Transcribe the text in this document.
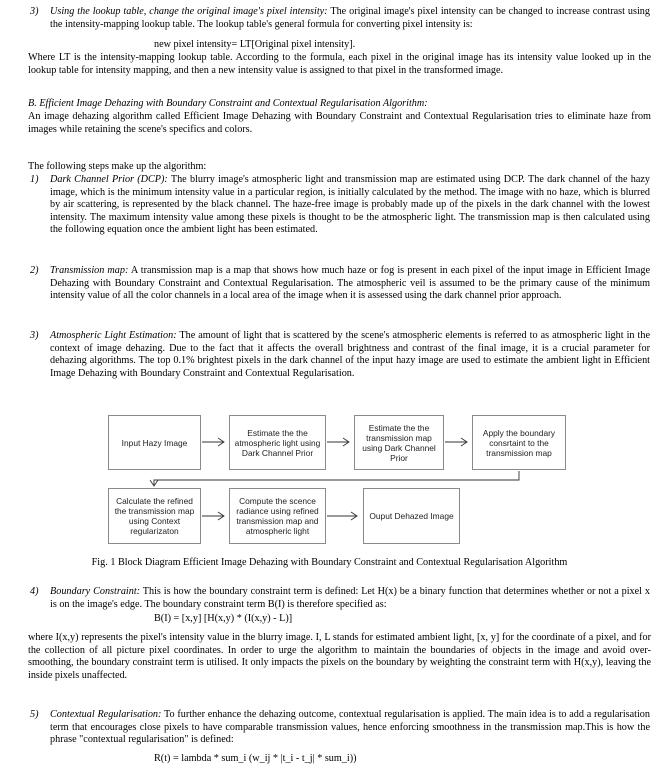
3) Using the lookup table, change the original image's pixel intensity: The original image's pixel intensity can be changed to increase contrast using the intensity-mapping lookup table. The lookup table's general formula for converting pixel intensity is:

new pixel intensity= LT[Original pixel intensity].

Where LT is the intensity-mapping lookup table. According to the formula, each pixel in the original image has its intensity value looked up in the lookup table for intensity mapping, and then a new intensity value is assigned to that pixel in the transformed image.

B. Efficient Image Dehazing with Boundary Constraint and Contextual Regularisation Algorithm:

An image dehazing algorithm called Efficient Image Dehazing with Boundary Constraint and Contextual Regularisation tries to eliminate haze from images while retaining the scene's specifics and colors.

The following steps make up the algorithm:

1) Dark Channel Prior (DCP): The blurry image's atmospheric light and transmission map are estimated using DCP. The dark channel of the hazy image, which is the minimum intensity value in a particular region, is initially calculated by the method. The image with no haze, which is blurred by air scattering, is represented by the black channel. The haze-free image is probably made up of the pixels in the dark channel with the lowest intensity. The maximum intensity value among these pixels is thought to be the atmospheric light. The transmission map is then calculated using the following equation once the ambient light has been estimated.

2) Transmission map: A transmission map is a map that shows how much haze or fog is present in each pixel of the input image in Efficient Image Dehazing with Boundary Constraint and Contextual Regularisation. The atmospheric veil is assumed to be the primary cause of the minimum intensity value of all the color channels in a local area of the image when it is assessed using the dark channel prior approach.

3) Atmospheric Light Estimation: The amount of light that is scattered by the scene's atmospheric elements is referred to as atmospheric light in the context of image dehazing. Due to the fact that it affects the overall brightness and contrast of the final image, it is a crucial parameter for dehazing algorithms. The top 0.1% brightest pixels in the dark channel of the input hazy image are used to estimate the ambient light in Efficient Image Dehazing with Boundary Constraint and Contextual Regularisation.

Input Hazy Image
Estimate the the atmospheric light using Dark Channel Prior
Estimate the the transmission map using Dark Channel Prior
Apply the boundary consrtaint to the transmission map
Calculate the refined the transmission map using Context regularizaton
Compute the scence radiance using refined transmission map and atmospheric light
Ouput Dehazed Image

Fig. 1 Block Diagram Efficient Image Dehazing with Boundary Constraint and Contextual Regularisation Algorithm

4) Boundary Constraint: This is how the boundary constraint term is defined: Let H(x) be a binary function that determines whether or not a pixel x is on the image's edge. The boundary constraint term B(I) is therefore specified as:

B(I) = [x,y] [H(x,y) * (I(x,y) - L)]

where I(x,y) represents the pixel's intensity value in the blurry image. I, L stands for estimated ambient light, [x, y] for the coordinate of a pixel, and for the collection of all picture pixel coordinates. In order to urge the algorithm to maintain the boundaries of objects in the image and avoid over-smoothing, the boundary constraint term is utilised. It only impacts the pixels on the boundary by weighting the constraint term with H(x,y), leaving the inside pixels unaffected.

5) Contextual Regularisation: To further enhance the dehazing outcome, contextual regularisation is applied. The main idea is to add a regularisation term that encourages close pixels to have comparable transmission values, hence enforcing smoothness in the transmission map.This is how the phrase "contextual regularisation" is defined:

R(t) = lambda * sum_i (w_ij * |t_i - t_j| * sum_i))
